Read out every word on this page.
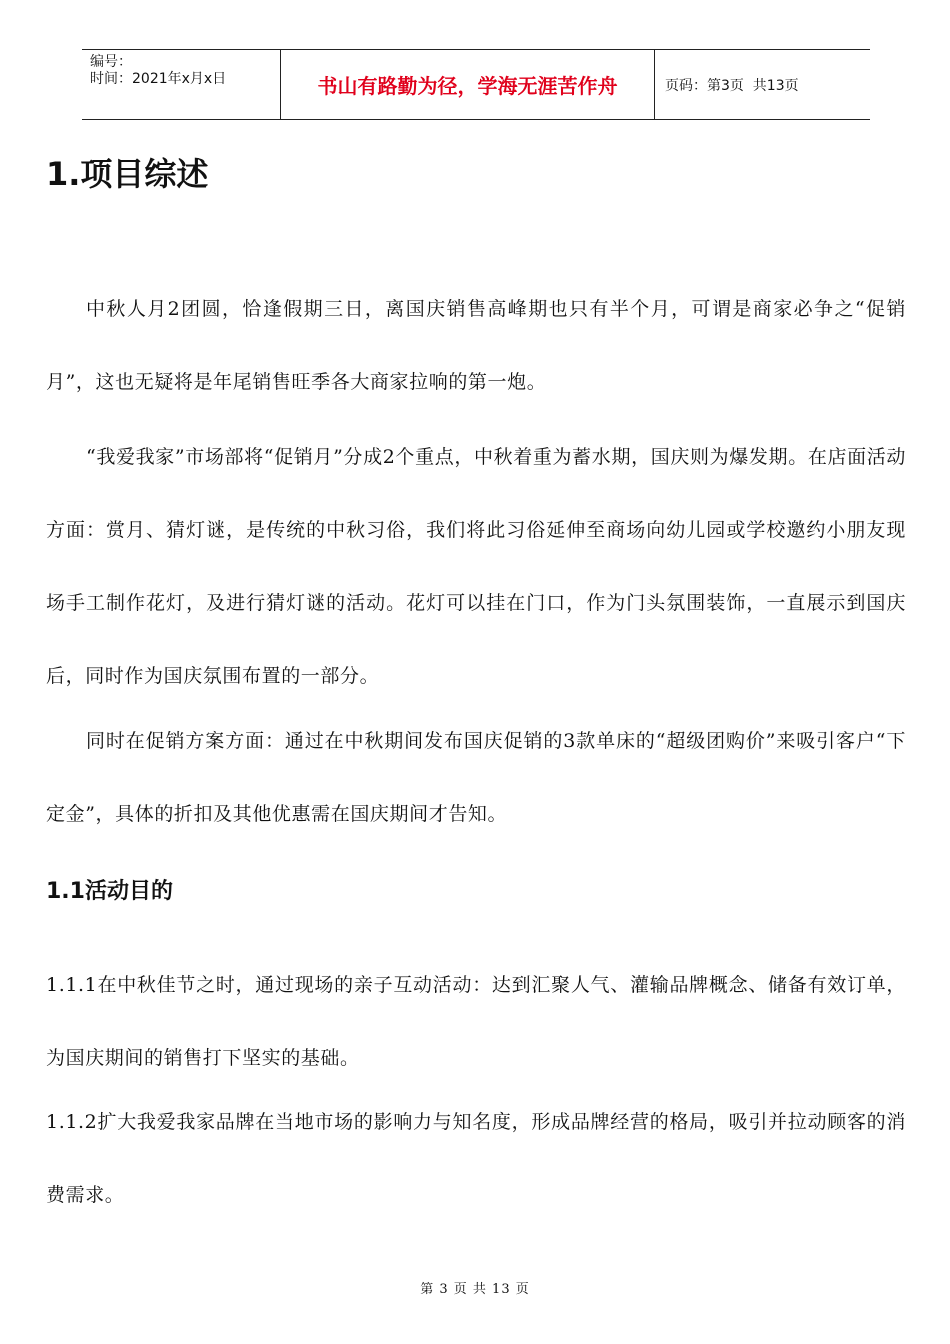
编号：
时间：2021年x月x日	书山有路勤为径，学海无涯苦作舟	页码：第3页  共13页
1.项目综述

中秋人月2团圆，恰逢假期三日，离国庆销售高峰期也只有半个月，可谓是商家必争之“促销月”，这也无疑将是年尾销售旺季各大商家拉响的第一炮。

“我爱我家”市场部将“促销月”分成2个重点，中秋着重为蓄水期，国庆则为爆发期。在店面活动方面：赏月、猜灯谜，是传统的中秋习俗，我们将此习俗延伸至商场向幼儿园或学校邀约小朋友现场手工制作花灯，及进行猜灯谜的活动。花灯可以挂在门口，作为门头氛围装饰，一直展示到国庆后，同时作为国庆氛围布置的一部分。

同时在促销方案方面：通过在中秋期间发布国庆促销的3款单床的“超级团购价”来吸引客户“下定金”，具体的折扣及其他优惠需在国庆期间才告知。

1.1活动目的

1.1.1在中秋佳节之时，通过现场的亲子互动活动：达到汇聚人气、灌输品牌概念、储备有效订单，为国庆期间的销售打下坚实的基础。

1.1.2扩大我爱我家品牌在当地市场的影响力与知名度，形成品牌经营的格局，吸引并拉动顾客的消费需求。

第 3 页 共 13 页
